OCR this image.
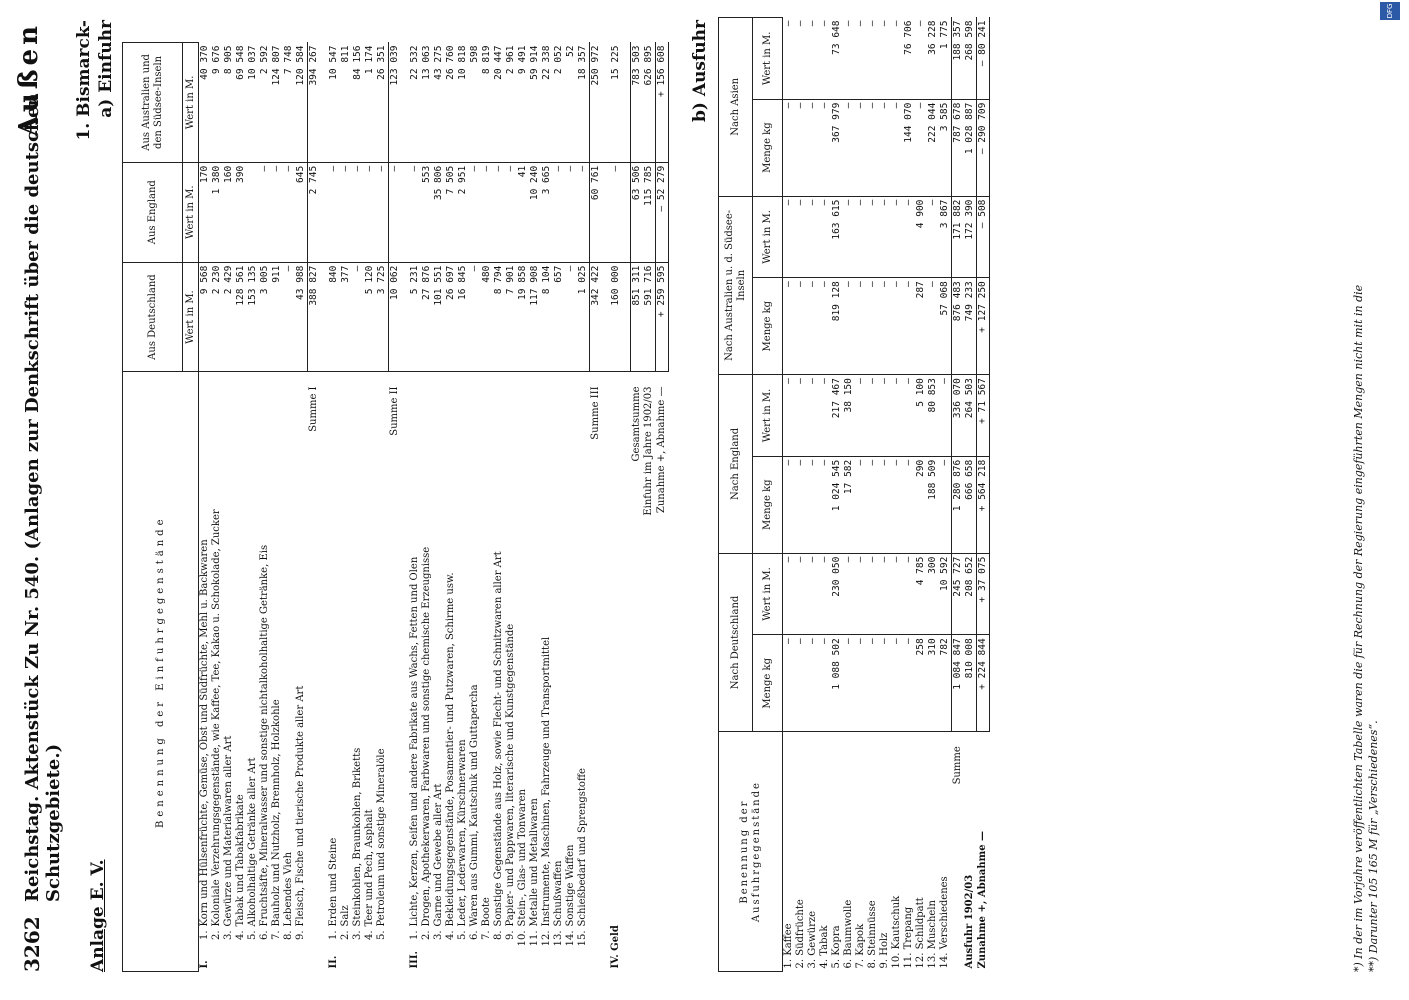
3262
Reichstag. Aktenstück Zu Nr. 540. (Anlagen zur Denkschrift über die deutschen Schutzgebiete.)
Außen
Anlage E. V.
1. Bismarck- a) Einfuhr
Benennung der Einfuhrgegenstände	Aus Deutschland	Aus England	Aus Australien und den Südsee-Inseln
	Wert in M.	Wert in M.	Wert in M.
I.1.Korn und Hülsenfrüchte, Gemüse, Obst und Südfrüchte, Mehl u. Backwaren	9 568	170	40 370
2.Koloniale Verzehrungsgegenstände, wie Kaffee, Tee, Kakao u. Schokolade, Zucker	2 230	1 380	9 676
3.Gewürze und Materialwaren aller Art	2 429	160	8 905
4.Tabak und Tabakfabrikate	128 561	390	69 548
5.Alkoholhaltige Getränke aller Art	153 135		10 037
6.Fruchtsäfte, Mineralwasser und sonstige nichtalkoholhaltige Getränke, Eis	3 005	—	2 592
7.Bauholz und Nutzholz, Brennholz, Holzkohle	911	—	124 807
8.Lebendes Vieh	—	—	7 748
9.Fleisch, Fische und tierische Produkte aller Art	43 988	645	120 584
Summe I	388 827	2 745	394 267

II.1.Erden und Steine	840	—	10 547
2.Salz	377	—	811
3.Steinkohlen, Braunkohlen, Briketts	—	—	84 156
4.Teer und Pech, Asphalt	5 120	—	1 174
5.Petroleum und sonstige Mineralöle	3 725	—	26 351
Summe II	10 062	—	123 039

III.1.Lichte, Kerzen, Seifen und andere Fabrikate aus Wachs, Fetten und Ölen	5 231	—	22 532
2.Drogen, Apothekerwaren, Farbwaren und sonstige chemische Erzeugnisse	27 876	553	13 063
3.Garne und Gewebe aller Art	101 551	35 806	43 275
4.Bekleidungsgegenstände, Posamentier- und Putzwaren, Schirme usw.	26 697	7 505	26 760
5.Leder, Lederwaren, Kürschnerwaren	16 845	2 951	10 818
6.Waren aus Gummi, Kautschuk und Guttapercha	—	—	598
7.Boote	480	—	8 819
8.Sonstige Gegenstände aus Holz, sowie Flecht- und Schnitzwaren aller Art	8 794	—	20 447
9.Papier- und Pappwaren, literarische und Kunstgegenstände	7 901	—	2 961
10.Stein-, Glas- und Tonwaren	19 858	41	9 491
11.Metalle und Metallwaren	117 908	10 240	59 914
12.Instrumente, Maschinen, Fahrzeuge und Transportmittel	8 104	3 665	22 338
13.Schußwaffen	657	—	2 052
14.Sonstige Waffen	—	—	52
15.Schießbedarf und Sprengstoffe	1 025	—	18 357
Summe III	342 422	60 761	250 972

IV. Geld	160 000	—	15 225

Gesamtsumme	851 311	63 506	783 503
Einfuhr im Jahre 1902/03	591 716	115 785	626 895
Zunahme +, Abnahme —	+ 259 595	— 52 279	+ 156 608 b) Ausfuhr
Benennung der Ausfuhrgegenstände	Nach Deutschland		Nach England		Nach Australien u. d. Südsee-Inseln		Nach Asien	
	Menge kg	Wert in M.	Menge kg	Wert in M.	Menge kg	Wert in M.	Menge kg	Wert in M.
1. Kaffee	—	—	—	—	—	—	—	—
2. Südfrüchte	—	—	—	—	—	—	—	—
3. Gewürze	—	—	—	—	—	—	—	—
4. Tabak	—	—	—	—	—	—	—	—
5. Kopra	1 088 502	230 050	1 024 545	217 467	819 128	163 615	367 979	73 648
6. Baumwolle	—	—	17 582	38 150	—	—	—	—
7. Kapok	—	—	—	—	—	—	—	—
8. Steinnüsse	—	—	—	—	—	—	—	—
9. Holz	—	—	—	—	—	—	—	—
10. Kautschuk	—	—	—	—	—	—	—	—
11. Trepang	—	—	—	—	—	—	144 070	76 706
12. Schildpatt	258	4 785	290	5 100	287	4 900	—	—
13. Muscheln	310	300	188 509	80 853	—	—	222 044	36 228
14. Verschiedenes	782	10 592	—	—	57 068	3 867	3 585	1 775
Summe	1 084 847	245 727	1 280 876	336 070	876 483	171 882	787 678	188 357
Ausfuhr 1902/03	810 008	208 652	666 658	264 503	749 233	172 390	1 028 887	268 598
Zunahme +, Abnahme —	+ 224 844	+ 37 075	+ 564 218	+ 71 567	+ 127 250	— 508	— 290 709	— 80 241
*) In der im Vorjahre veröffentlichten Tabelle waren die für Rechnung der Regierung eingeführten Mengen nicht mit in die **) Darunter 105 165 M für „Verschiedenes“.
DFG
